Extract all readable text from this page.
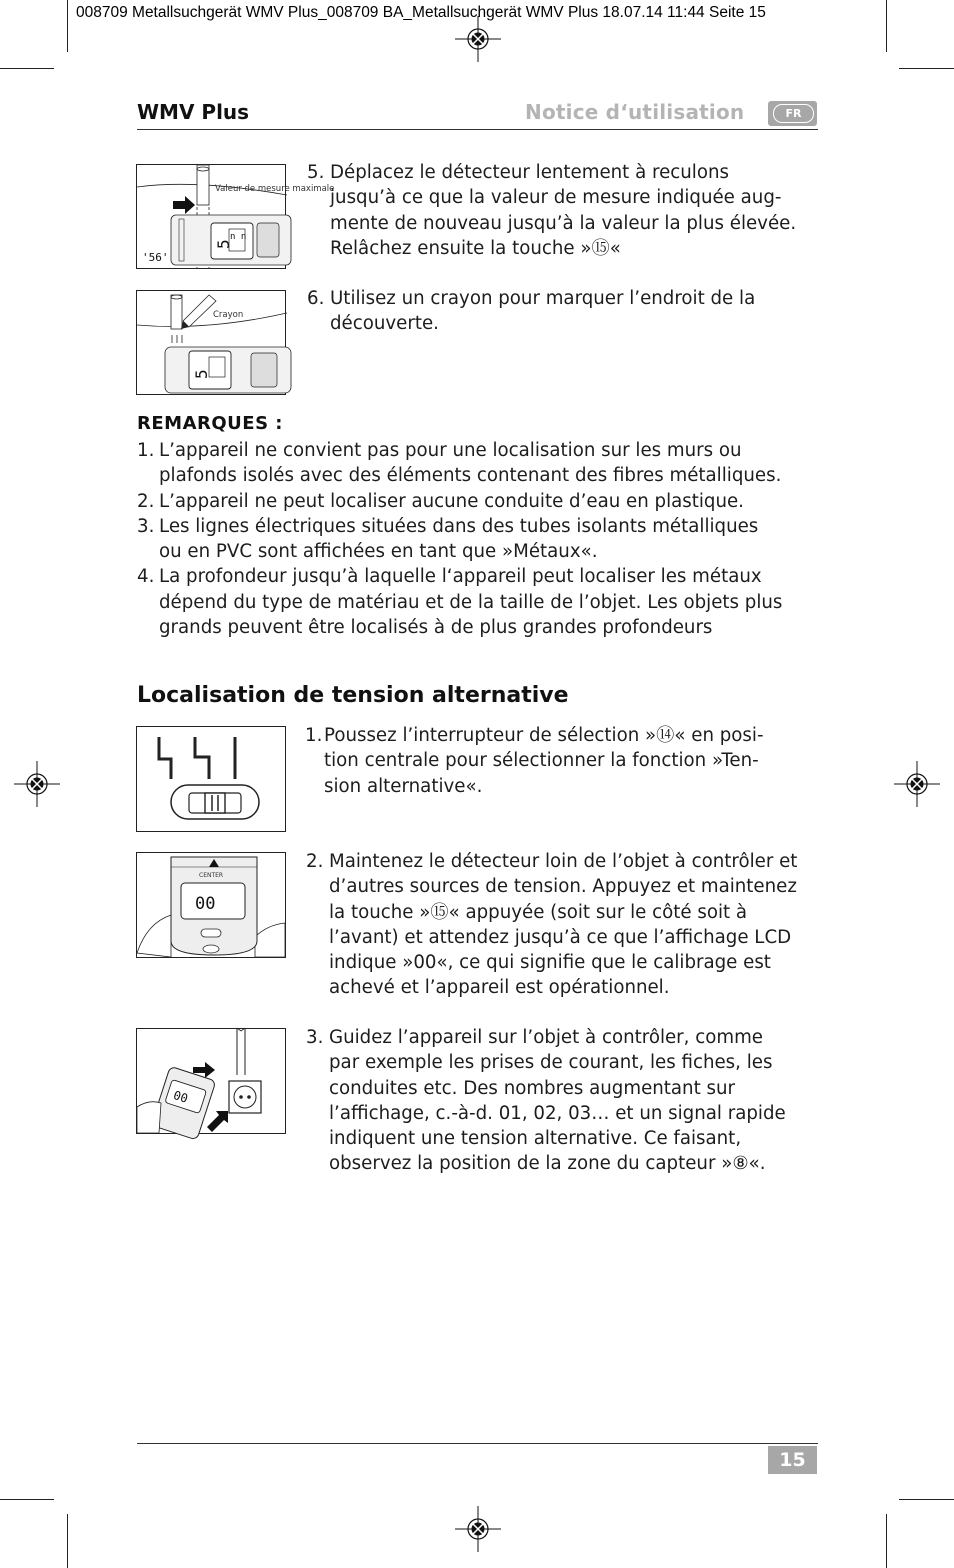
008709 Metallsuchgerät WMV Plus_008709 BA_Metallsuchgerät WMV Plus 18.07.14 11:44 Seite 15
WMV Plus	Notice d‘utilisation	FR
5
n n
Valeur de mesure maximale
'56'
5
Crayon
5. Déplacez le détecteur lentement à reculons
jusqu’à ce que la valeur de mesure indiquée aug-
mente de nouveau jusqu’à la valeur la plus élevée.
Relâchez ensuite la touche »⑮«
6. Utilisez un crayon pour marquer l’endroit de la
découverte.
REMARQUES :
1. L’appareil ne convient pas pour une localisation sur les murs ou
plafonds isolés avec des éléments contenant des fibres métalliques.
2. L’appareil ne peut localiser aucune conduite d’eau en plastique.
3. Les lignes électriques situées dans des tubes isolants métalliques
ou en PVC sont affichées en tant que »Métaux«.
4. La profondeur jusqu’à laquelle l‘appareil peut localiser les métaux
dépend du type de matériau et de la taille de l’objet. Les objets plus
grands peuvent être localisés à de plus grandes profondeurs
Localisation de tension alternative
CENTER
00
00
1. Poussez l’interrupteur de sélection »⑭« en posi-
tion centrale pour sélectionner la fonction »Ten-
sion alternative«.
2. Maintenez le détecteur loin de l’objet à contrôler et
d’autres sources de tension. Appuyez et maintenez
la touche »⑮« appuyée (soit sur le côté soit à
l’avant) et attendez jusqu’à ce que l’affichage LCD
indique »00«, ce qui signifie que le calibrage est
achevé et l’appareil est opérationnel.
3. Guidez l’appareil sur l’objet à contrôler, comme
par exemple les prises de courant, les fiches, les
conduites etc. Des nombres augmentant sur
l’affichage, c.-à-d. 01, 02, 03… et un signal rapide
indiquent une tension alternative. Ce faisant,
observez la position de la zone du capteur »⑧«.
15
